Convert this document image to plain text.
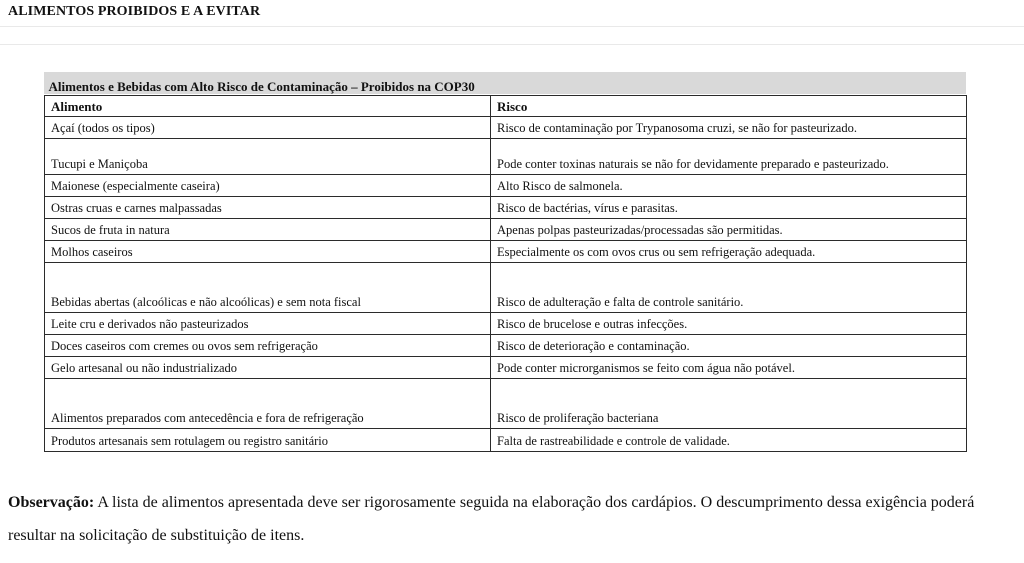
ALIMENTOS PROIBIDOS E A EVITAR
Alimentos e Bebidas com Alto Risco de Contaminação – Proibidos na COP30	
Alimento	Risco
Açaí (todos os tipos)	Risco de contaminação por Trypanosoma cruzi, se não for pasteurizado.
Tucupi e Maniçoba	Pode conter toxinas naturais se não for devidamente preparado e pasteurizado.
Maionese (especialmente caseira)	Alto Risco de salmonela.
Ostras cruas e carnes malpassadas	Risco de bactérias, vírus e parasitas.
Sucos de fruta in natura	Apenas polpas pasteurizadas/processadas são permitidas.
Molhos caseiros	Especialmente os com ovos crus ou sem refrigeração adequada.
Bebidas abertas (alcoólicas e não alcoólicas) e sem nota fiscal	Risco de adulteração e falta de controle sanitário.
Leite cru e derivados não pasteurizados	Risco de brucelose e outras infecções.
Doces caseiros com cremes ou ovos sem refrigeração	Risco de deterioração e contaminação.
Gelo artesanal ou não industrializado	Pode conter microrganismos se feito com água não potável.
Alimentos preparados com antecedência e fora de refrigeração	Risco de proliferação bacteriana
Produtos artesanais sem rotulagem ou registro sanitário	Falta de rastreabilidade e controle de validade.
Observação: A lista de alimentos apresentada deve ser rigorosamente seguida na elaboração dos cardápios. O descumprimento dessa exigência poderá resultar na solicitação de substituição de itens.
